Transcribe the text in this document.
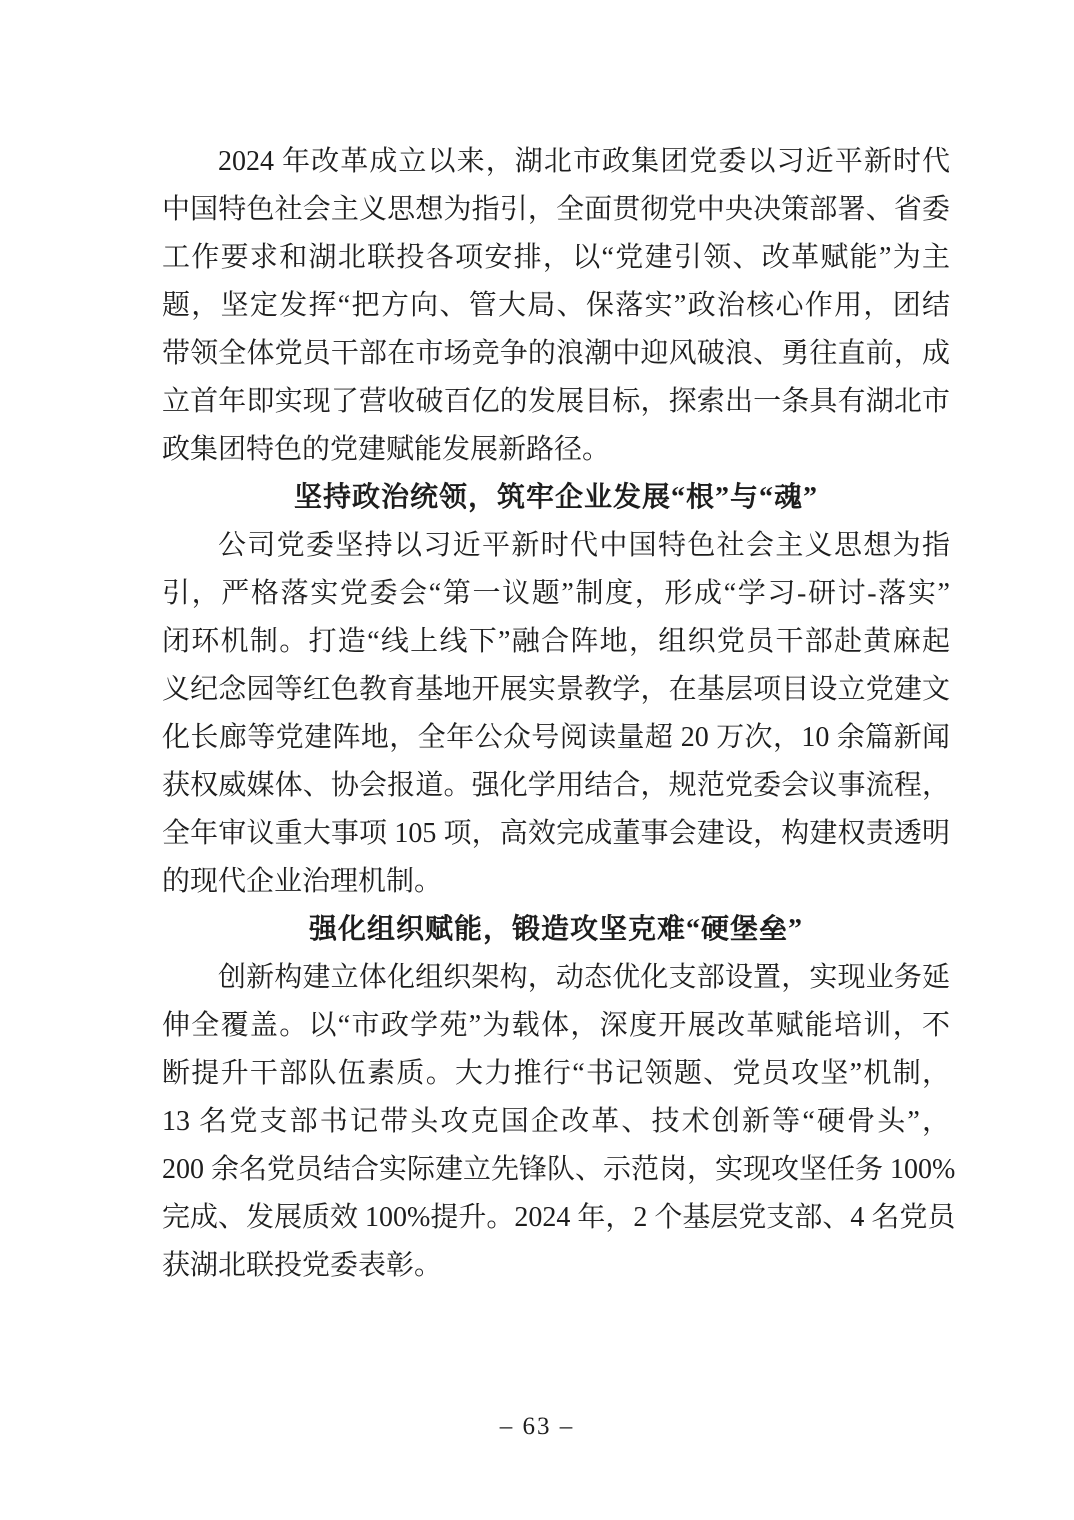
2024 年改革成立以来，湖北市政集团党委以习近平新时代
中国特色社会主义思想为指引，全面贯彻党中央决策部署、省委
工作要求和湖北联投各项安排，以“党建引领、改革赋能”为主
题，坚定发挥“把方向、管大局、保落实”政治核心作用，团结
带领全体党员干部在市场竞争的浪潮中迎风破浪、勇往直前，成
立首年即实现了营收破百亿的发展目标，探索出一条具有湖北市
政集团特色的党建赋能发展新路径。
坚持政治统领，筑牢企业发展“根”与“魂”
公司党委坚持以习近平新时代中国特色社会主义思想为指
引，严格落实党委会“第一议题”制度，形成“学习-研讨-落实”
闭环机制。打造“线上线下”融合阵地，组织党员干部赴黄麻起
义纪念园等红色教育基地开展实景教学，在基层项目设立党建文
化长廊等党建阵地，全年公众号阅读量超 20 万次，10 余篇新闻
获权威媒体、协会报道。强化学用结合，规范党委会议事流程，
全年审议重大事项 105 项，高效完成董事会建设，构建权责透明
的现代企业治理机制。
强化组织赋能，锻造攻坚克难“硬堡垒”
创新构建立体化组织架构，动态优化支部设置，实现业务延
伸全覆盖。以“市政学苑”为载体，深度开展改革赋能培训，不
断提升干部队伍素质。大力推行“书记领题、党员攻坚”机制，
13 名党支部书记带头攻克国企改革、技术创新等“硬骨头”，
200 余名党员结合实际建立先锋队、示范岗，实现攻坚任务 100%
完成、发展质效 100%提升。2024 年，2 个基层党支部、4 名党员
获湖北联投党委表彰。
– 63 –
